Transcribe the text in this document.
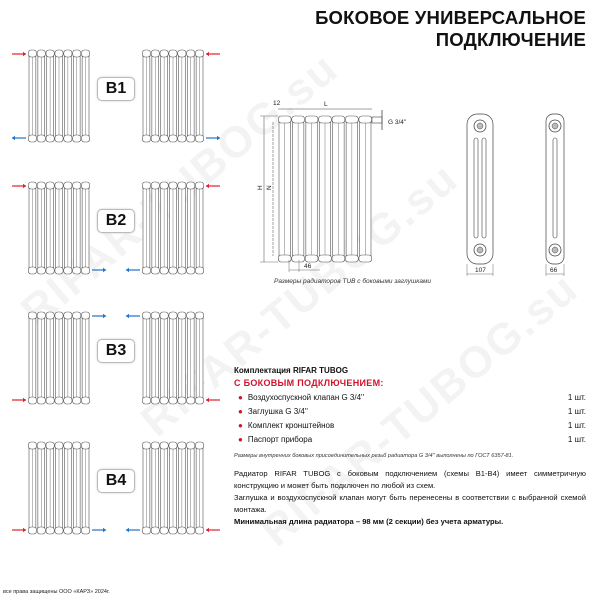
БОКОВОЕ УНИВЕРСАЛЬНОЕ
ПОДКЛЮЧЕНИЕ
B1
B2
B3
B4
G 3/4''
L
12
H N
46
107	66
Размеры радиаторов TUB с боковыми заглушками
Комплектация RIFAR TUBOG
С БОКОВЫМ ПОДКЛЮЧЕНИЕМ:
● Воздухоспускной клапан G 3/4''	1 шт.
● Заглушка G 3/4''	1 шт.
● Комплект кронштейнов	1 шт.
● Паспорт прибора	1 шт.
Размеры внутренних боковых присоединительных резьб радиатора G 3/4'' выполнены по ГОСТ 6357-81.
Радиатор RIFAR TUBOG с боковым подключением (схемы B1-B4) имеет симметричную конструкцию и может быть подключен по любой из схем.
Заглушка и воздухоспускной клапан могут быть перенесены в соответствии с выбранной схемой монтажа.
Минимальная длина радиатора – 98 мм (2 секции) без учета арматуры.
все права защищены ООО «КАРЗ» 2024г.
